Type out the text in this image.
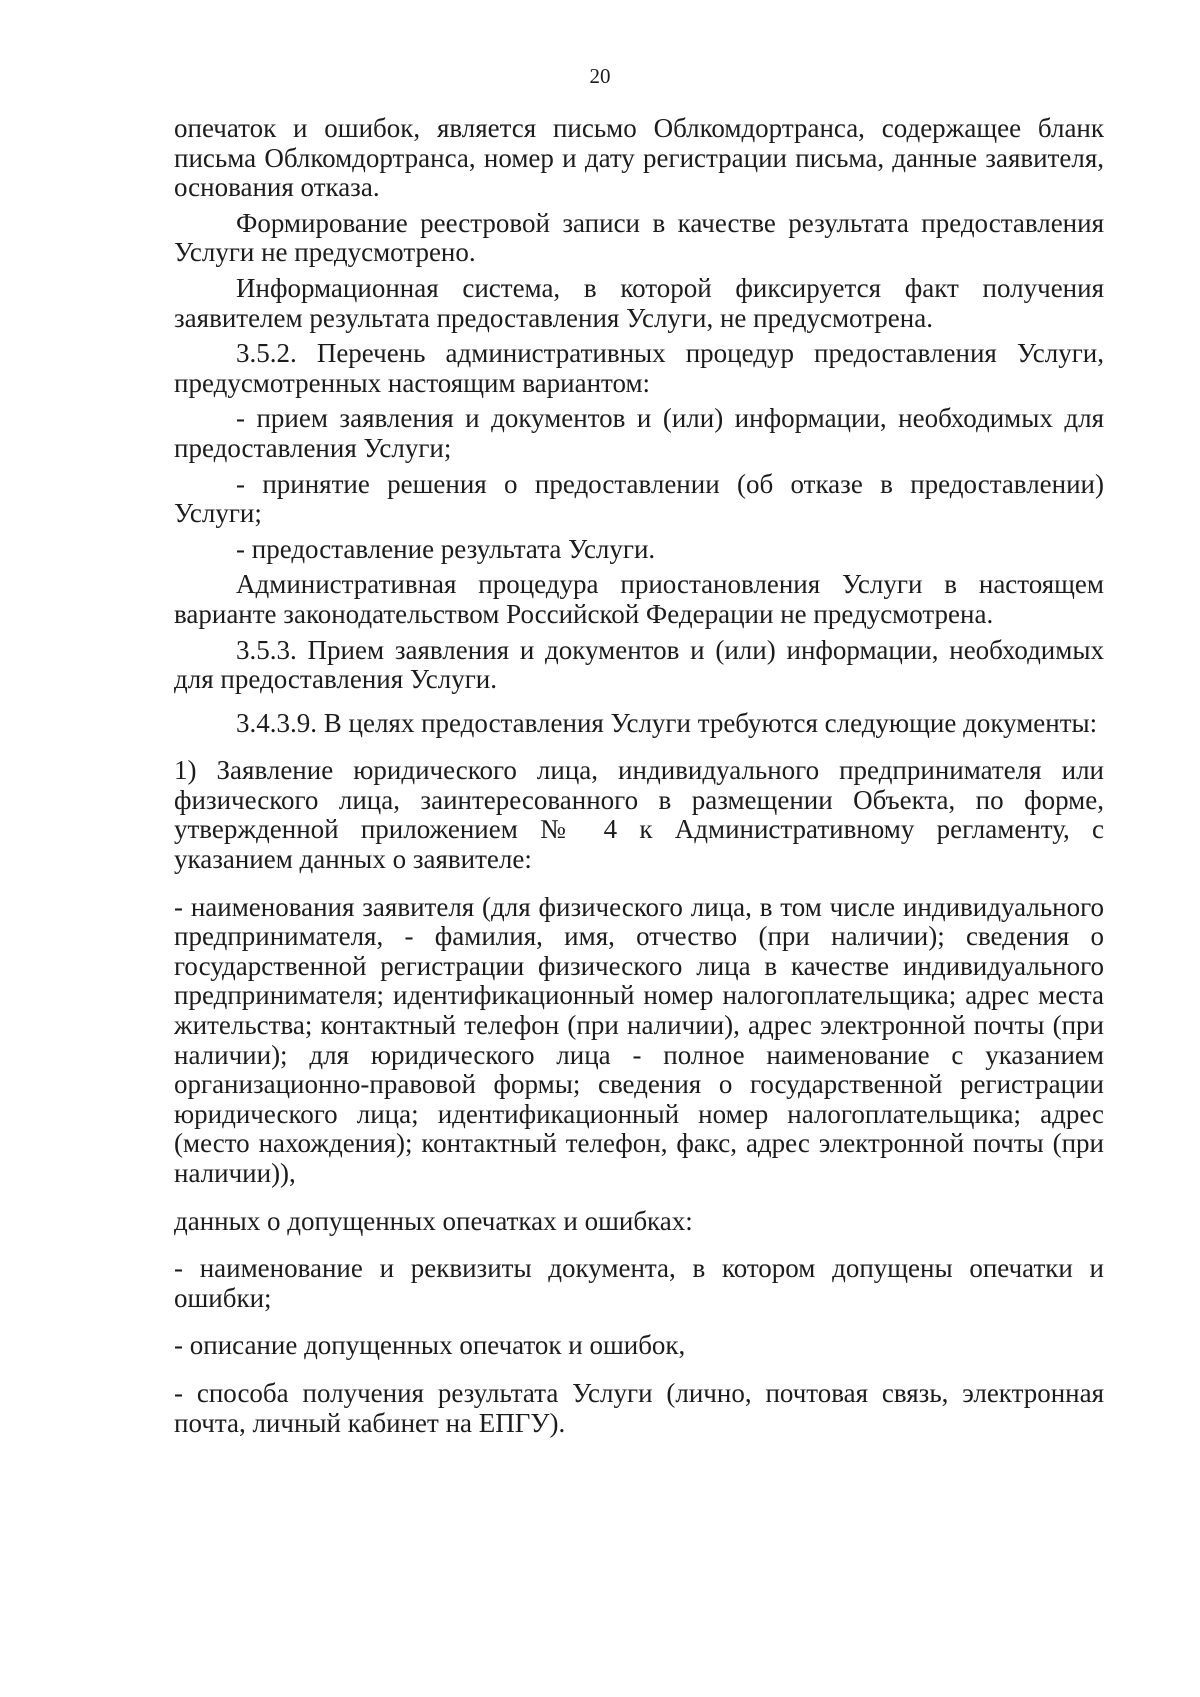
20

опечаток и ошибок, является письмо Облкомдортранса, содержащее бланк письма Облкомдортранса, номер и дату регистрации письма, данные заявителя, основания отказа.

Формирование реестровой записи в качестве результата предоставления Услуги не предусмотрено.

Информационная система, в которой фиксируется факт получения заявителем результата предоставления Услуги, не предусмотрена.

3.5.2. Перечень административных процедур предоставления Услуги, предусмотренных настоящим вариантом:

- прием заявления и документов и (или) информации, необходимых для предоставления Услуги;

- принятие решения о предоставлении (об отказе в предоставлении) Услуги;

- предоставление результата Услуги.

Административная процедура приостановления Услуги в настоящем варианте законодательством Российской Федерации не предусмотрена.

3.5.3. Прием заявления и документов и (или) информации, необходимых для предоставления Услуги.

3.4.3.9. В целях предоставления Услуги требуются следующие документы:

1) Заявление юридического лица, индивидуального предпринимателя или физического лица, заинтересованного в размещении Объекта, по форме, утвержденной приложением № 4 к Административному регламенту, с указанием данных о заявителе:

- наименования заявителя (для физического лица, в том числе индивидуального предпринимателя, - фамилия, имя, отчество (при наличии); сведения о государственной регистрации физического лица в качестве индивидуального предпринимателя; идентификационный номер налогоплательщика; адрес места жительства; контактный телефон (при наличии), адрес электронной почты (при наличии); для юридического лица - полное наименование с указанием организационно-правовой формы; сведения о государственной регистрации юридического лица; идентификационный номер налогоплательщика; адрес (место нахождения); контактный телефон, факс, адрес электронной почты (при наличии)),

данных о допущенных опечатках и ошибках:

- наименование и реквизиты документа, в котором допущены опечатки и ошибки;

- описание допущенных опечаток и ошибок,

- способа получения результата Услуги (лично, почтовая связь, электронная почта, личный кабинет на ЕПГУ).
